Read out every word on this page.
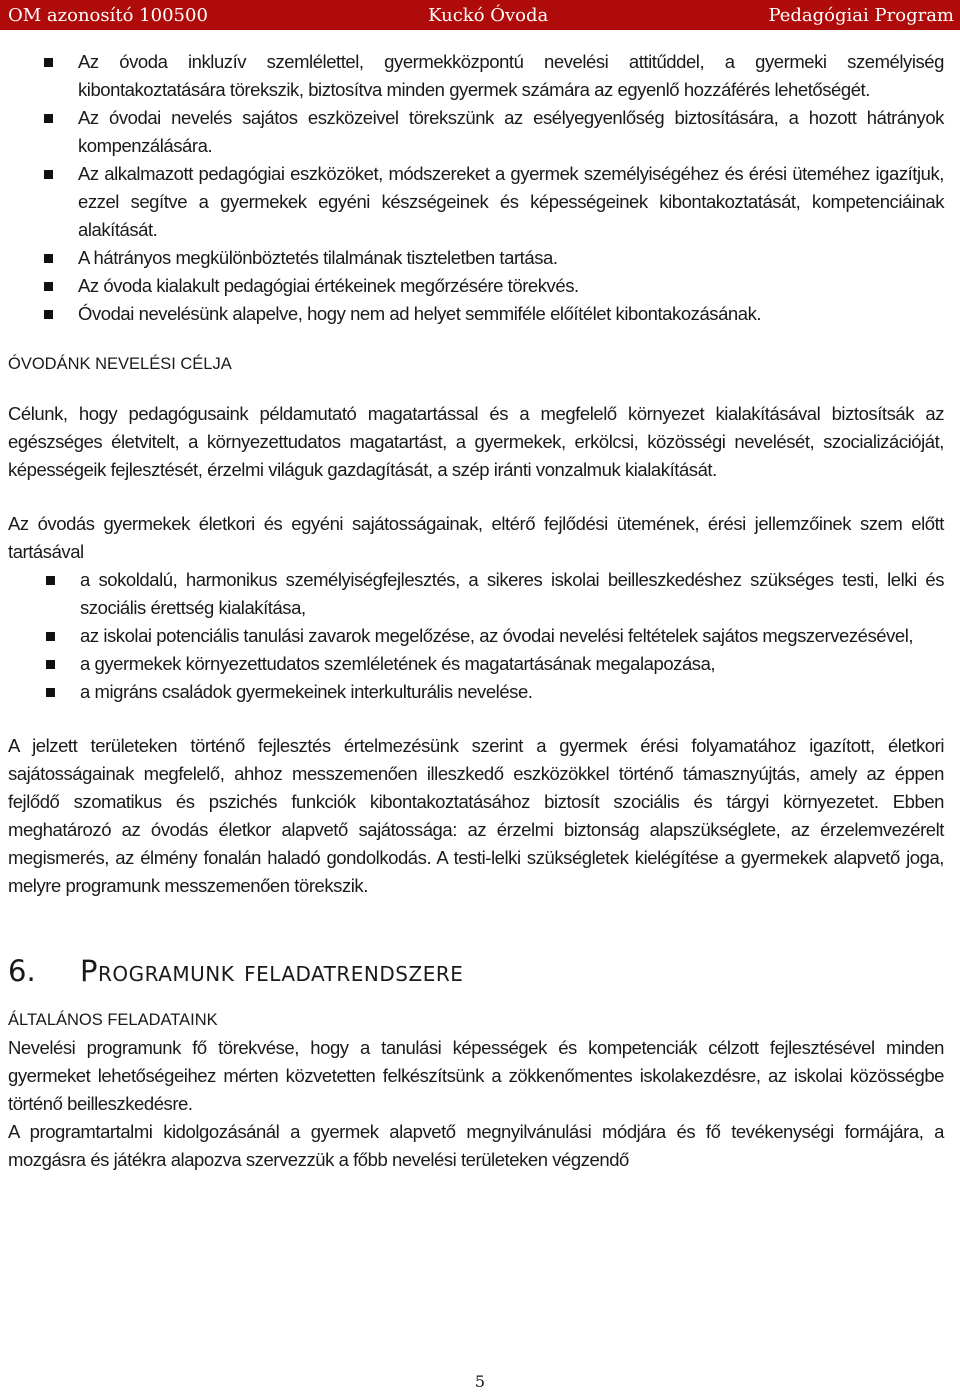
OM azonosító 100500	Kuckó Óvoda	Pedagógiai Program
Az óvoda inkluzív szemlélettel, gyermekközpontú nevelési attitűddel, a gyermeki személyiség kibontakoztatására törekszik, biztosítva minden gyermek számára az egyenlő hozzáférés lehetőségét.
Az óvodai nevelés sajátos eszközeivel törekszünk az esélyegyenlőség biztosítására, a hozott hátrányok kompenzálására.
Az alkalmazott pedagógiai eszközöket, módszereket a gyermek személyiségéhez és érési üteméhez igazítjuk, ezzel segítve a gyermekek egyéni készségeinek és képességeinek kibontakoztatását, kompetenciáinak alakítását.
A hátrányos megkülönböztetés tilalmának tiszteletben tartása.
Az óvoda kialakult pedagógiai értékeinek megőrzésére törekvés.
Óvodai nevelésünk alapelve, hogy nem ad helyet semmiféle előítélet kibontakozásának.
ÓVODÁNK NEVELÉSI CÉLJA

Célunk, hogy pedagógusaink példamutató magatartással és a megfelelő környezet kialakításával biztosítsák az egészséges életvitelt, a környezettudatos magatartást, a gyermekek, erkölcsi, közösségi nevelését, szocializációját, képességeik fejlesztését, érzelmi világuk gazdagítását, a szép iránti vonzalmuk kialakítását.

Az óvodás gyermekek életkori és egyéni sajátosságainak, eltérő fejlődési ütemének, érési jellemzőinek szem előtt tartásával

a sokoldalú, harmonikus személyiségfejlesztés, a sikeres iskolai beilleszkedéshez szükséges testi, lelki és szociális érettség kialakítása,
az iskolai potenciális tanulási zavarok megelőzése, az óvodai nevelési feltételek sajátos megszervezésével,
a gyermekek környezettudatos szemléletének és magatartásának megalapozása,
a migráns családok gyermekeinek interkulturális nevelése.

A jelzett területeken történő fejlesztés értelmezésünk szerint a gyermek érési folyamatához igazított, életkori sajátosságainak megfelelő, ahhoz messzemenően illeszkedő eszközökkel történő támasznyújtás, amely az éppen fejlődő szomatikus és pszichés funkciók kibontakoztatásához biztosít szociális és tárgyi környezetet. Ebben meghatározó az óvodás életkor alapvető sajátossága: az érzelmi biztonság alapszükséglete, az érzelemvezérelt megismerés, az élmény fonalán haladó gondolkodás. A testi-lelki szükségletek kielégítése a gyermekek alapvető joga, melyre programunk messzemenően törekszik.

6.	Programunk feladatrendszere
ÁLTALÁNOS FELADATAINK

Nevelési programunk fő törekvése, hogy a tanulási képességek és kompetenciák célzott fejlesztésével minden gyermeket lehetőségeihez mérten közvetetten felkészítsünk a zökkenőmentes iskolakezdésre, az iskolai közösségbe történő beilleszkedésre.

A programtartalmi kidolgozásánál a gyermek alapvető megnyilvánulási módjára és fő tevékenységi formájára, a mozgásra és játékra alapozva szervezzük a főbb nevelési területeken végzendő

5
